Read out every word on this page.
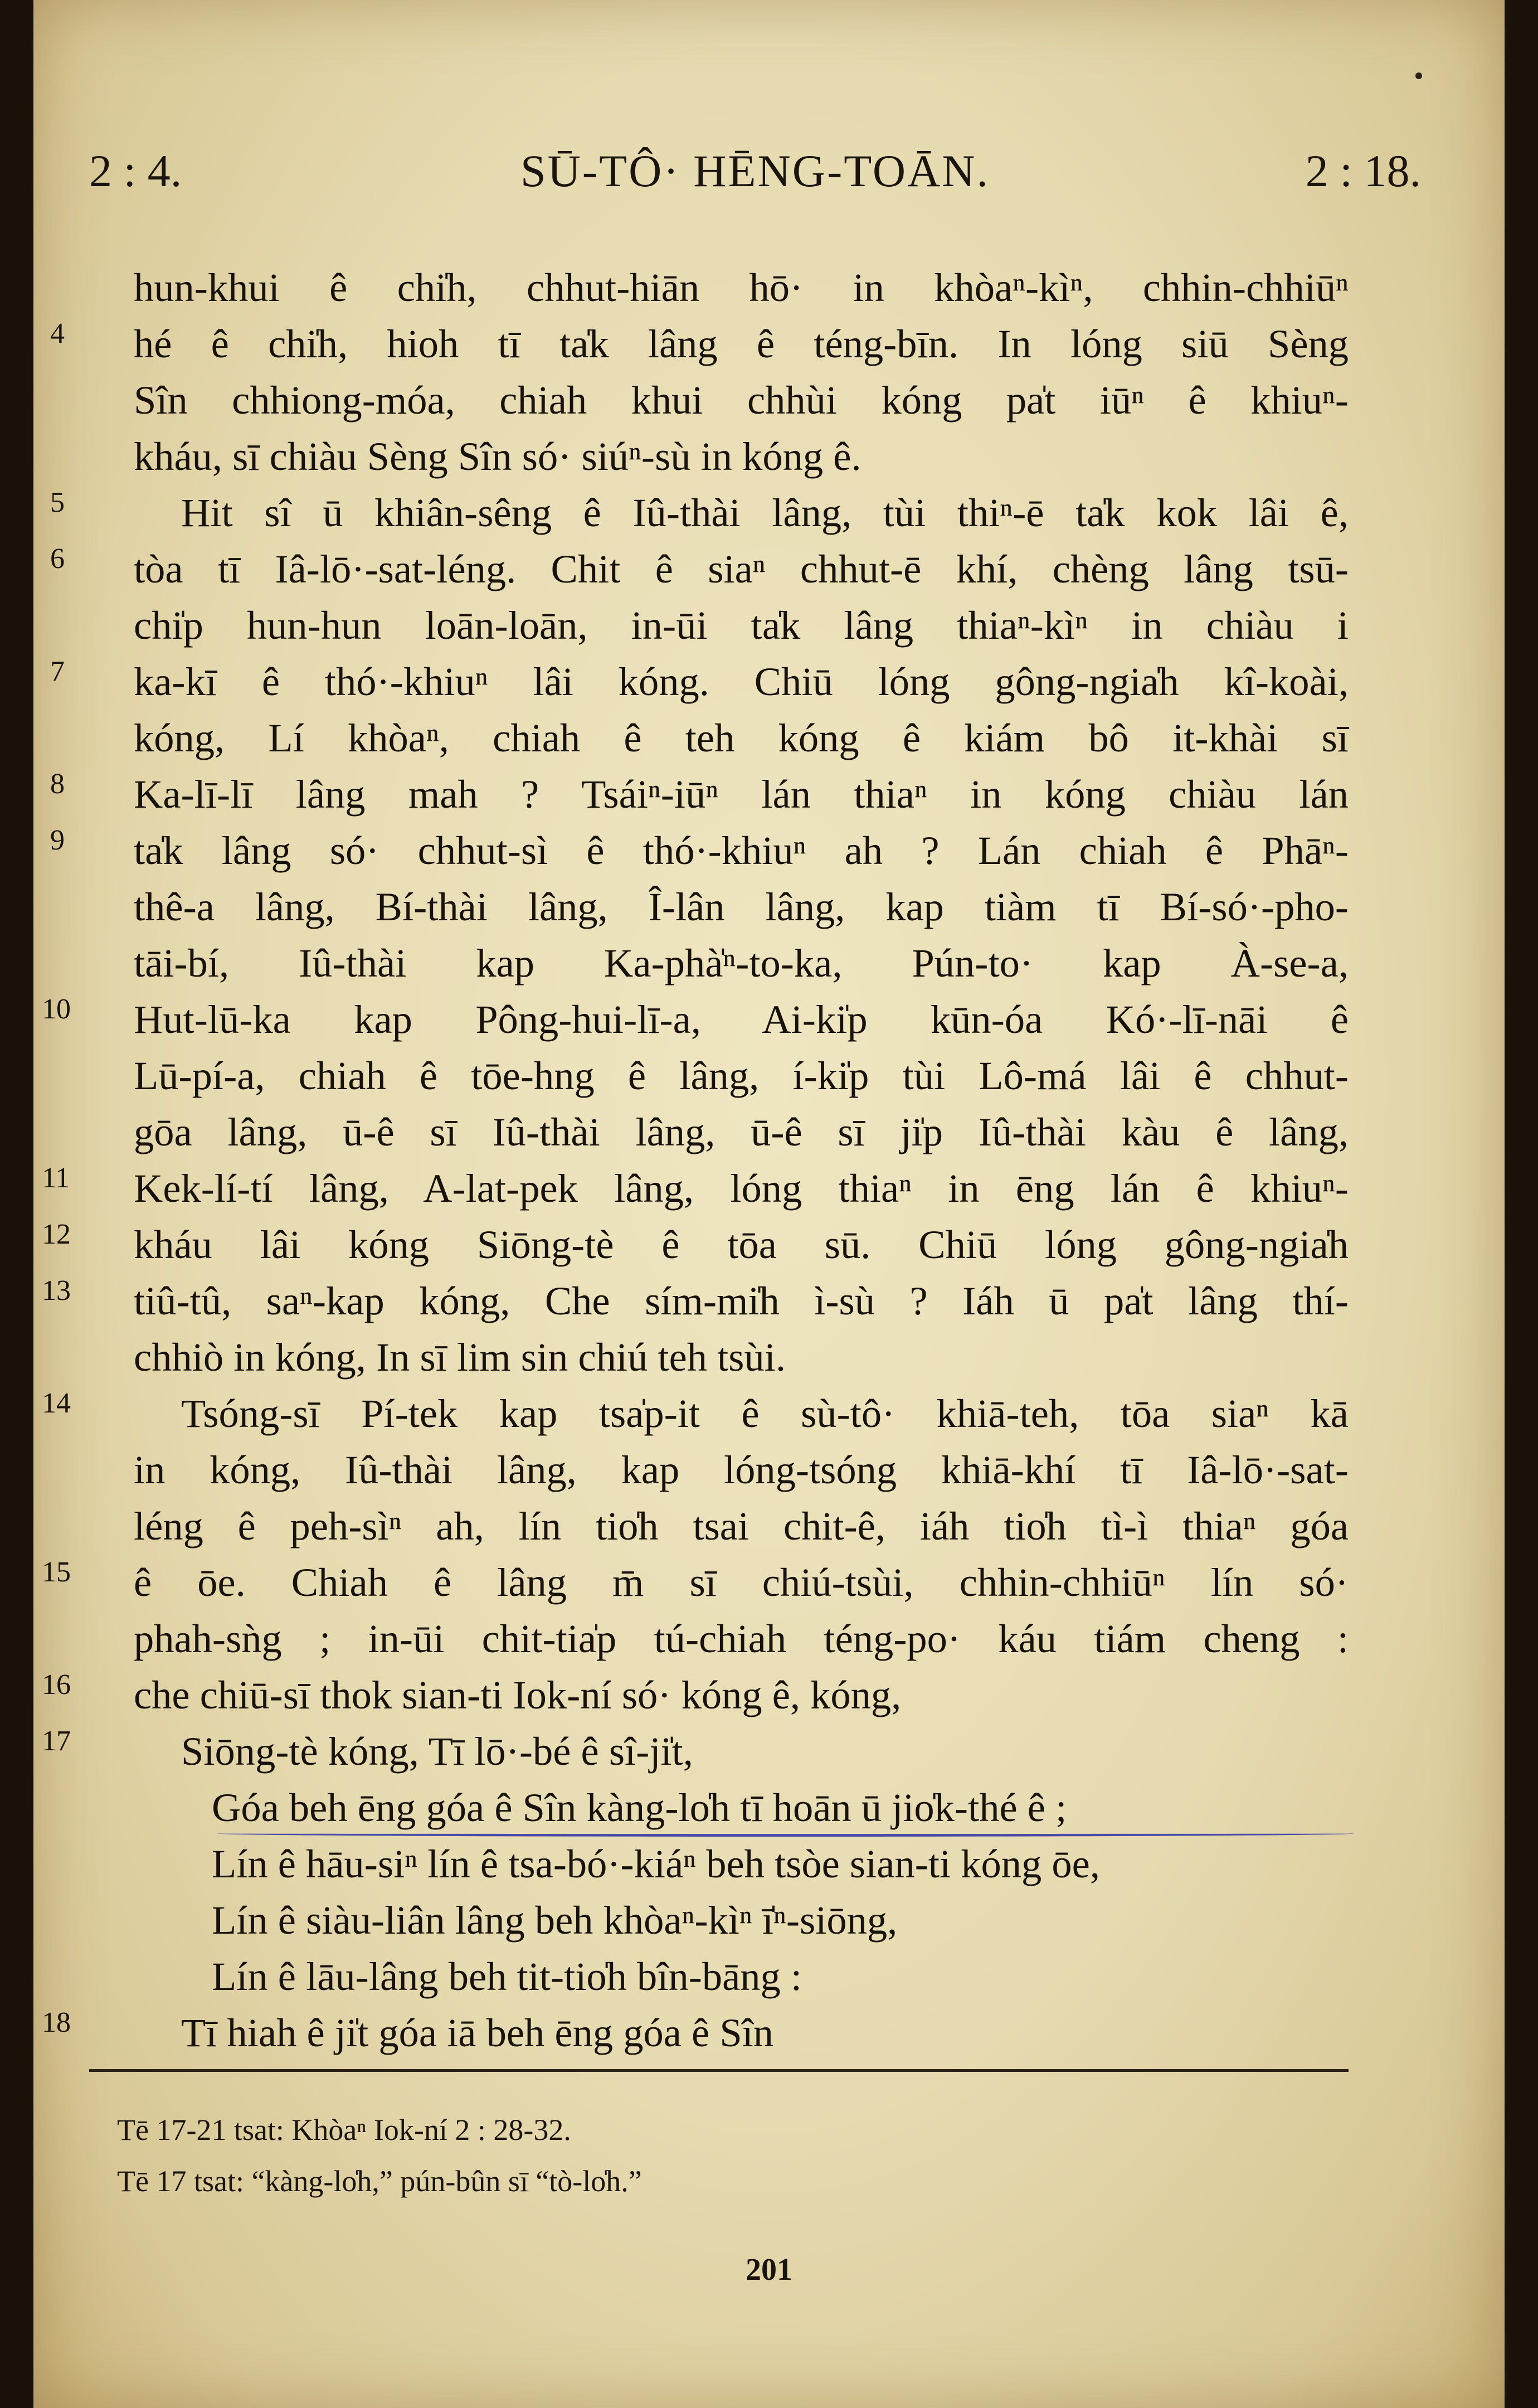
2 : 4.	SŪ-TÔ· HĒNG-TOĀN.	2 : 18.
hun-khui ê chi̍h, chhut-hiān hō· in khòaⁿ-kìⁿ, chhin-chhiūⁿ
4	hé ê chi̍h, hioh tī ta̍k lâng ê téng-bīn. In lóng siū Sèng
Sîn chhiong-móa, chiah khui chhùi kóng pa̍t iūⁿ ê khiuⁿ-
kháu, sī chiàu Sèng Sîn só· siúⁿ-sù in kóng ê.
5	Hit sî ū khiân-sêng ê Iû-thài lâng, tùi thiⁿ-ē ta̍k kok lâi ê,
6	tòa tī Iâ-lō·-sat-léng. Chit ê siaⁿ chhut-ē khí, chèng lâng tsū-
chi̍p hun-hun loān-loān, in-ūi ta̍k lâng thiaⁿ-kìⁿ in chiàu i
7	ka-kī ê thó·-khiuⁿ lâi kóng. Chiū lóng gông-ngia̍h kî-koài,
kóng, Lí khòaⁿ, chiah ê teh kóng ê kiám bô it-khài sī
8	Ka-lī-lī lâng mah ? Tsáiⁿ-iūⁿ lán thiaⁿ in kóng chiàu lán
9	ta̍k lâng só· chhut-sì ê thó·-khiuⁿ ah ? Lán chiah ê Phāⁿ-
thê-a lâng, Bí-thài lâng, Î-lân lâng, kap tiàm tī Bí-só·-pho-
tāi-bí, Iû-thài kap Ka-phà̍ⁿ-to-ka, Pún-to· kap À-se-a,
10	Hut-lū-ka kap Pông-hui-lī-a, Ai-ki̍p kūn-óa Kó·-lī-nāi ê
Lū-pí-a, chiah ê tōe-hng ê lâng, í-ki̍p tùi Lô-má lâi ê chhut-
gōa lâng, ū-ê sī Iû-thài lâng, ū-ê sī ji̍p Iû-thài kàu ê lâng,
11	Kek-lí-tí lâng, A-lat-pek lâng, lóng thiaⁿ in ēng lán ê khiuⁿ-
12	kháu lâi kóng Siōng-tè ê tōa sū. Chiū lóng gông-ngia̍h
13	tiû-tû, saⁿ-kap kóng, Che sím-mi̍h ì-sù ? Iáh ū pa̍t lâng thí-
chhiò in kóng, In sī lim sin chiú teh tsùi.
14	Tsóng-sī Pí-tek kap tsa̍p-it ê sù-tô· khiā-teh, tōa siaⁿ kā
in kóng, Iû-thài lâng, kap lóng-tsóng khiā-khí tī Iâ-lō·-sat-
léng ê peh-sìⁿ ah, lín tio̍h tsai chit-ê, iáh tio̍h tì-ì thiaⁿ góa
15	ê ōe. Chiah ê lâng m̄ sī chiú-tsùi, chhin-chhiūⁿ lín só·
phah-sǹg ; in-ūi chit-tia̍p tú-chiah téng-po· káu tiám cheng :
16	che chiū-sī thok sian-ti Iok-ní só· kóng ê, kóng,
17	Siōng-tè kóng, Tī lō·-bé ê sî-ji̍t,
Góa beh ēng góa ê Sîn kàng-lo̍h tī hoān ū jio̍k-thé ê ;
Lín ê hāu-siⁿ lín ê tsa-bó·-kiáⁿ beh tsòe sian-ti kóng ōe,
Lín ê siàu-liân lâng beh khòaⁿ-kìⁿ ī̍ⁿ-siōng,
Lín ê lāu-lâng beh tit-tio̍h bîn-bāng :
18	Tī hiah ê ji̍t góa iā beh ēng góa ê Sîn
Tē 17-21 tsat: Khòaⁿ Iok-ní 2 : 28-32.
Tē 17 tsat: “kàng-lo̍h,” pún-bûn sī “tò-lo̍h.”
201
